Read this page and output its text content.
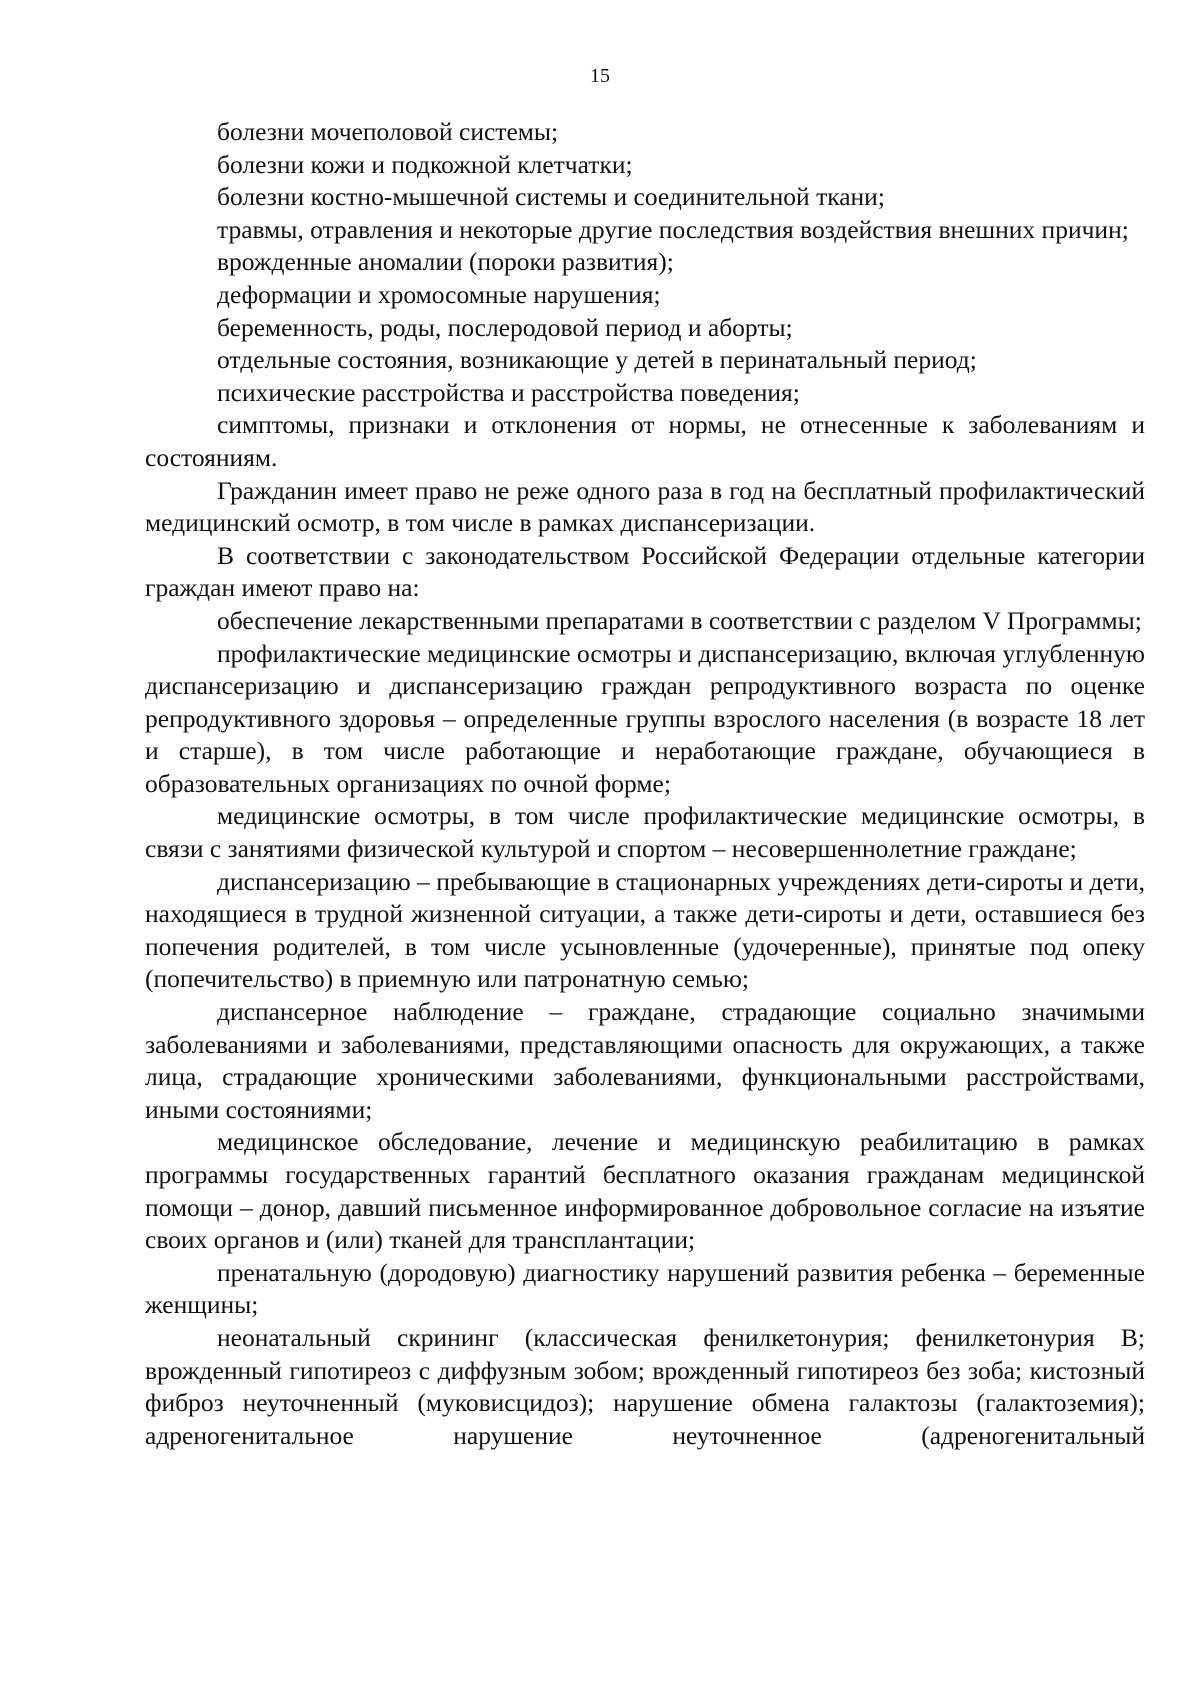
15

болезни мочеполовой системы;

болезни кожи и подкожной клетчатки;

болезни костно-мышечной системы и соединительной ткани;

травмы, отравления и некоторые другие последствия воздействия внешних причин;

врожденные аномалии (пороки развития);

деформации и хромосомные нарушения;

беременность, роды, послеродовой период и аборты;

отдельные состояния, возникающие у детей в перинатальный период;

психические расстройства и расстройства поведения;

симптомы, признаки и отклонения от нормы, не отнесенные к заболеваниям и состояниям.

Гражданин имеет право не реже одного раза в год на бесплатный профилактический медицинский осмотр, в том числе в рамках диспансеризации.

В соответствии с законодательством Российской Федерации отдельные категории граждан имеют право на:

обеспечение лекарственными препаратами в соответствии с разделом V Программы;

профилактические медицинские осмотры и диспансеризацию, включая углубленную диспансеризацию и диспансеризацию граждан репродуктивного возраста по оценке репродуктивного здоровья – определенные группы взрослого населения (в возрасте 18 лет и старше), в том числе работающие и неработающие граждане, обучающиеся в образовательных организациях по очной форме;

медицинские осмотры, в том числе профилактические медицинские осмотры, в связи с занятиями физической культурой и спортом – несовершеннолетние граждане;

диспансеризацию – пребывающие в стационарных учреждениях дети-сироты и дети, находящиеся в трудной жизненной ситуации, а также дети-сироты и дети, оставшиеся без попечения родителей, в том числе усыновленные (удочеренные), принятые под опеку (попечительство) в приемную или патронатную семью;

диспансерное наблюдение – граждане, страдающие социально значимыми заболеваниями и заболеваниями, представляющими опасность для окружающих, а также лица, страдающие хроническими заболеваниями, функциональными расстройствами, иными состояниями;

медицинское обследование, лечение и медицинскую реабилитацию в рамках программы государственных гарантий бесплатного оказания гражданам медицинской помощи – донор, давший письменное информированное добровольное согласие на изъятие своих органов и (или) тканей для трансплантации;

пренатальную (дородовую) диагностику нарушений развития ребенка – беременные женщины;

неонатальный скрининг (классическая фенилкетонурия; фенилкетонурия B; врожденный гипотиреоз с диффузным зобом; врожденный гипотиреоз без зоба; кистозный фиброз неуточненный (муковисцидоз); нарушение обмена галактозы (галактоземия); адреногенитальное нарушение неуточненное (адреногенитальный
